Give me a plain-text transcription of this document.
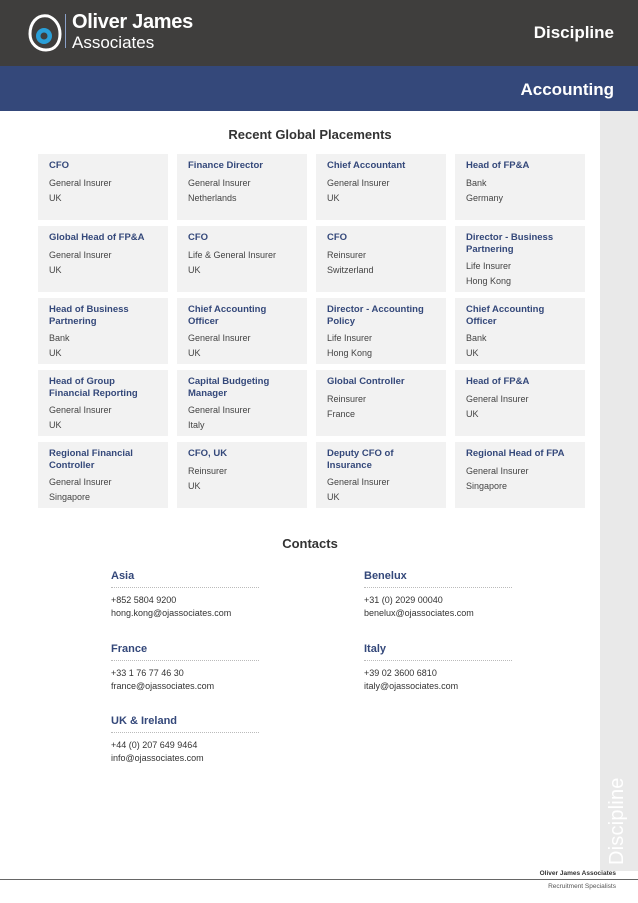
Oliver James
Associates
Discipline
Accounting
Discipline
Recent Global Placements
CFO
General Insurer
UK
Finance Director
General Insurer
Netherlands
Chief Accountant
General Insurer
UK
Head of FP&A
Bank
Germany
Global Head of FP&A
General Insurer
UK
CFO
Life & General Insurer
UK
CFO
Reinsurer
Switzerland
Director - Business Partnering
Life Insurer
Hong Kong
Head of Business Partnering
Bank
UK
Chief Accounting Officer
General Insurer
UK
Director - Accounting Policy
Life Insurer
Hong Kong
Chief Accounting Officer
Bank
UK
Head of Group Financial Reporting
General Insurer
UK
Capital Budgeting Manager
General Insurer
Italy
Global Controller
Reinsurer
France
Head of FP&A
General Insurer
UK
Regional Financial Controller
General Insurer
Singapore
CFO, UK
Reinsurer
UK
Deputy CFO of Insurance
General Insurer
UK
Regional Head of FPA
General Insurer
Singapore
Contacts
Asia
+852 5804 9200
hong.kong@ojassociates.com
Benelux
+31 (0) 2029 00040
benelux@ojassociates.com
France
+33 1 76 77 46 30
france@ojassociates.com
Italy
+39 02 3600 6810
italy@ojassociates.com
UK & Ireland
+44 (0) 207 649 9464
info@ojassociates.com
Oliver James Associates
Recruitment Specialists
